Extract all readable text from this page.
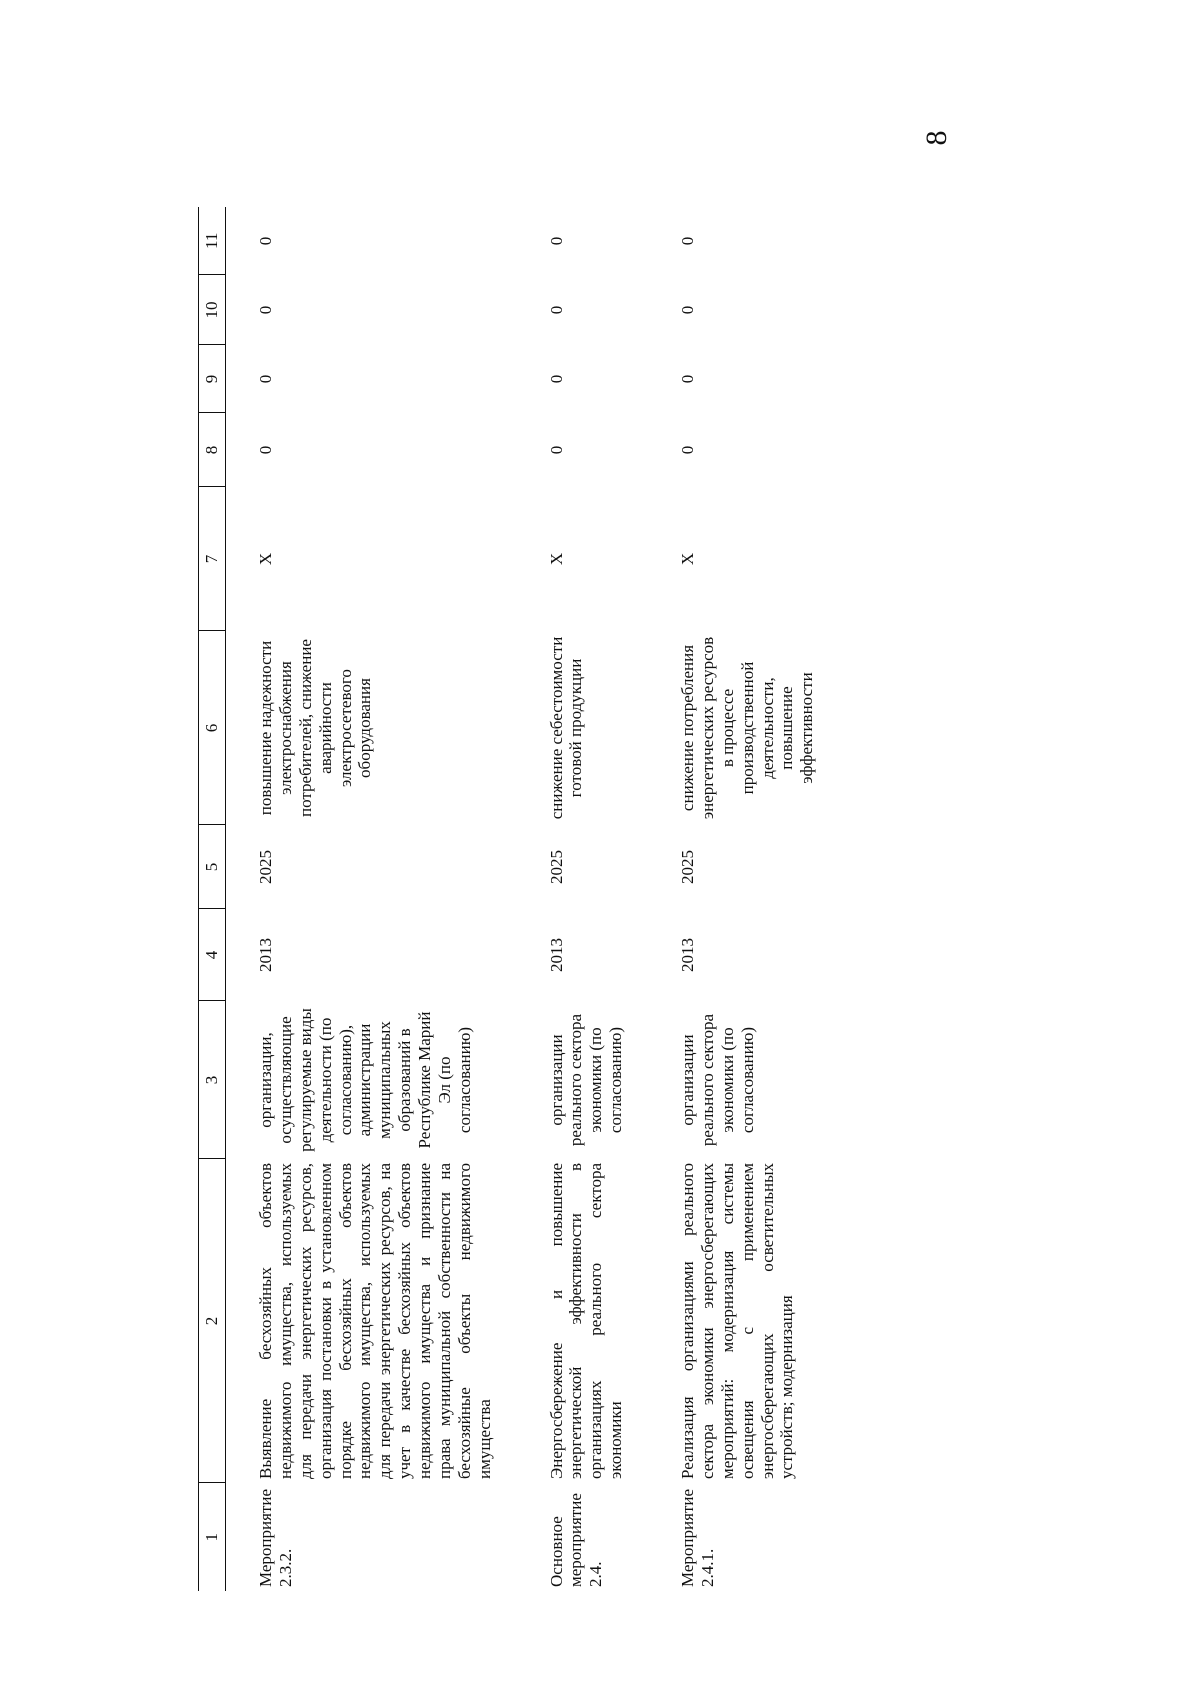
8
1	2	3	4	5	6	7	8	9	10	11
Мероприятие 2.3.2.	Выявление бесхозяйных объектов недвижимого имущества, используемых для передачи энергетических ресурсов, организация постановки в установленном порядке бесхозяйных объектов недвижимого имущества, используемых для передачи энергетических ресурсов, на учет в качестве бесхозяйных объектов недвижимого имущества и признание права муниципальной собственности на бесхозяйные объекты недвижимого имущества	организации, осуществляющие регулируемые виды деятельности (по согласованию), администрации муниципальных образований в Республике Марий Эл (по согласованию)	2013	2025	повышение надежности электроснабжения потребителей, снижение аварийности электросетевого оборудования	Х	0	0	0	0
Основное мероприятие 2.4.	Энергосбережение и повышение энергетической эффективности в организациях реального сектора экономики	организации реального сектора экономики (по согласованию)	2013	2025	снижение себестоимости готовой продукции	Х	0	0	0	0
Мероприятие 2.4.1.	Реализация организациями реального сектора экономики энергосберегающих мероприятий: модернизация системы освещения с применением энергосберегающих осветительных устройств; модернизация	организации реального сектора экономики (по согласованию)	2013	2025	снижение потребления энергетических ресурсов в процессе производственной деятельности, повышение эффективности	Х	0	0	0	0
